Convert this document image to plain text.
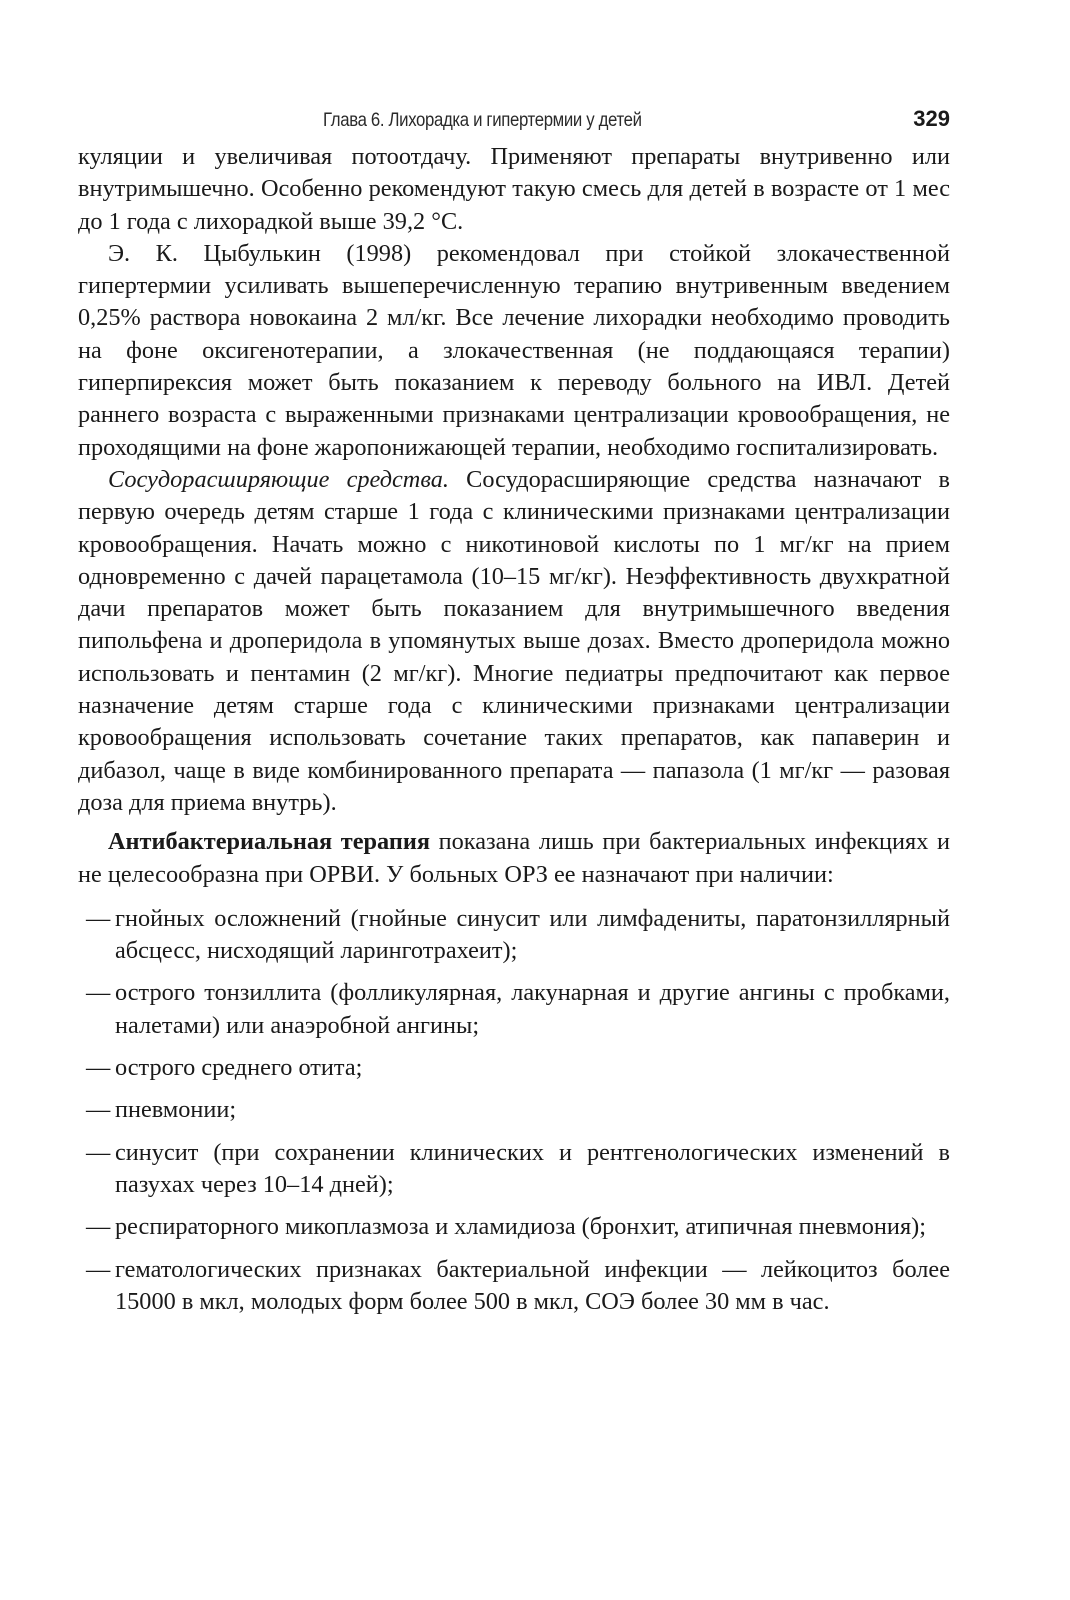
Глава 6. Лихорадка и гипертермии у детей	329

куляции и увеличивая потоотдачу. Применяют препараты внутривенно или внутримышечно. Особенно рекомендуют такую смесь для детей в возрасте от 1 мес до 1 года с лихорадкой выше 39,2 °С.

Э. К. Цыбулькин (1998) рекомендовал при стойкой злокачественной гипертермии усиливать вышеперечисленную терапию внутривенным введением 0,25% раствора новокаина 2 мл/кг. Все лечение лихорадки необходимо проводить на фоне оксигенотерапии, а злокачественная (не поддающаяся терапии) гиперпирексия может быть показанием к переводу больного на ИВЛ. Детей раннего возраста с выраженными признаками централизации кровообращения, не проходящими на фоне жаропонижающей терапии, необходимо госпитализировать.

Сосудорасширяющие средства. Сосудорасширяющие средства назначают в первую очередь детям старше 1 года с клиническими признаками централизации кровообращения. Начать можно с никотиновой кислоты по 1 мг/кг на прием одновременно с дачей парацетамола (10–15 мг/кг). Неэффективность двухкратной дачи препаратов может быть показанием для внутримышечного введения пипольфена и дроперидола в упомянутых выше дозах. Вместо дроперидола можно использовать и пентамин (2 мг/кг). Многие педиатры предпочитают как первое назначение детям старше года с клиническими признаками централизации кровообращения использовать сочетание таких препаратов, как папаверин и дибазол, чаще в виде комбинированного препарата — папазола (1 мг/кг — разовая доза для приема внутрь).

Антибактериальная терапия показана лишь при бактериальных инфекциях и не целесообразна при ОРВИ. У больных ОРЗ ее назначают при наличии:

— гнойных осложнений (гнойные синусит или лимфадениты, паратонзиллярный абсцесс, нисходящий ларинготрахеит);
— острого тонзиллита (фолликулярная, лакунарная и другие ангины с пробками, налетами) или анаэробной ангины;
— острого среднего отита;
— пневмонии;
— синусит (при сохранении клинических и рентгенологических изменений в пазухах через 10–14 дней);
— респираторного микоплазмоза и хламидиоза (бронхит, атипичная пневмония);
— гематологических признаках бактериальной инфекции — лейкоцитоз более 15000 в мкл, молодых форм более 500 в мкл, СОЭ более 30 мм в час.
